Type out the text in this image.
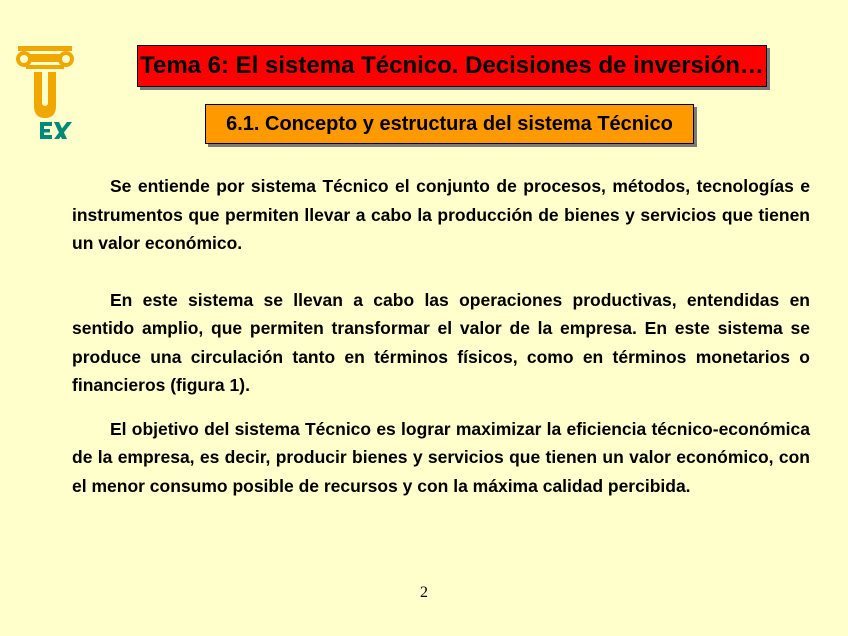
Tema 6: El sistema Técnico. Decisiones de inversión…
6.1. Concepto y estructura del sistema Técnico

Se entiende por sistema Técnico el conjunto de procesos, métodos, tecnologías e instrumentos que permiten llevar a cabo la producción de bienes y servicios que tienen un valor económico.

En este sistema se llevan a cabo las operaciones productivas, entendidas en sentido amplio, que permiten transformar el valor de la empresa. En este sistema se produce una circulación tanto en términos físicos, como en términos monetarios o financieros (figura 1).

El objetivo del sistema Técnico es lograr maximizar la eficiencia técnico-económica de la empresa, es decir, producir bienes y servicios que tienen un valor económico, con el menor consumo posible de recursos y con la máxima calidad percibida.

2
